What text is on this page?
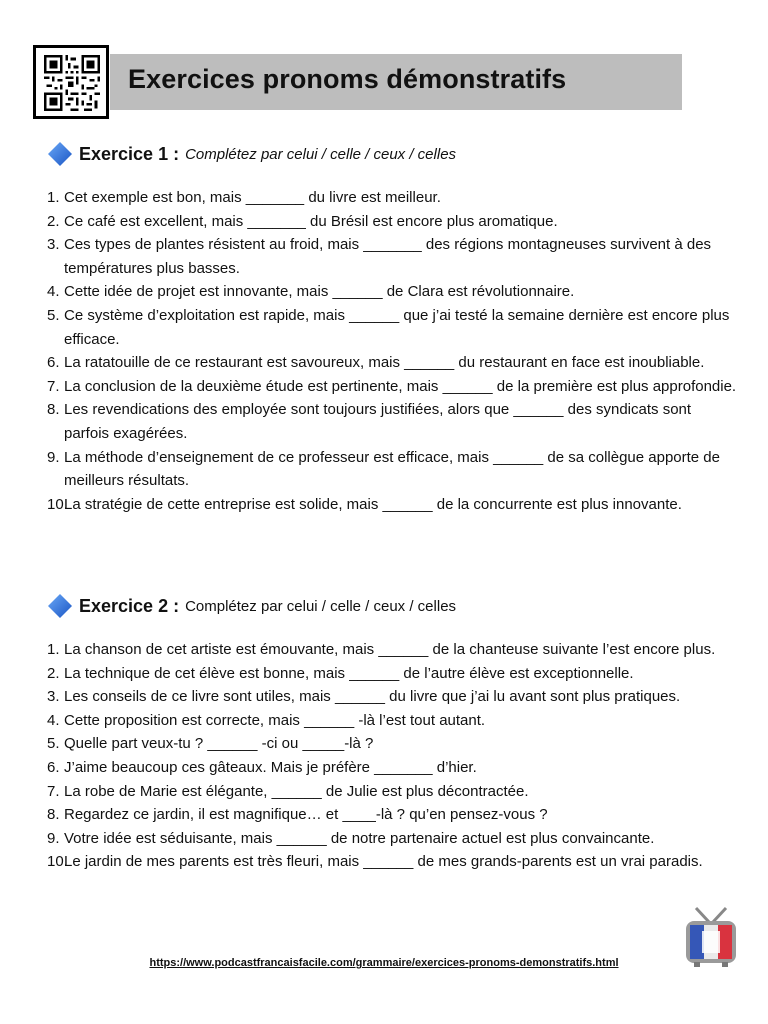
Exercices pronoms démonstratifs
Exercice 1 : Complétez par celui / celle / ceux / celles
1. Cet exemple est bon, mais _______ du livre est meilleur.
2. Ce café est excellent, mais _______ du Brésil est encore plus aromatique.
3. Ces types de plantes résistent au froid, mais _______ des régions montagneuses survivent à des températures plus basses.
4. Cette idée de projet est innovante, mais ______ de Clara est révolutionnaire.
5. Ce système d’exploitation est rapide, mais ______ que j’ai testé la semaine dernière est encore plus efficace.
6. La ratatouille de ce restaurant est savoureux, mais ______ du restaurant en face est inoubliable.
7. La conclusion de la deuxième étude est pertinente, mais ______ de la première est plus approfondie.
8. Les revendications des employée sont toujours justifiées, alors que ______ des syndicats sont parfois exagérées.
9. La méthode d’enseignement de ce professeur est efficace, mais ______ de sa collègue apporte de meilleurs résultats.
10.
La stratégie de cette entreprise est solide, mais ______ de la concurrente est plus innovante.
Exercice 2 : Complétez par celui / celle / ceux / celles
1. La chanson de cet artiste est émouvante, mais ______ de la chanteuse suivante l’est encore plus.
2. La technique de cet élève est bonne, mais ______ de l’autre élève est exceptionnelle.
3. Les conseils de ce livre sont utiles, mais ______ du livre que j’ai lu avant sont plus pratiques.
4. Cette proposition est correcte, mais ______ -là l’est tout autant.
5. Quelle part veux-tu ? ______ -ci ou _____-là ?
6. J’aime beaucoup ces gâteaux. Mais je préfère _______ d’hier.
7. La robe de Marie est élégante, ______ de Julie est plus décontractée.
8. Regardez ce jardin, il est magnifique… et ____-là ? qu’en pensez-vous ?
9. Votre idée est séduisante, mais ______ de notre partenaire actuel est plus convaincante.
10.
Le jardin de mes parents est très fleuri, mais ______ de mes grands-parents est un vrai paradis.
https://www.podcastfrancaisfacile.com/grammaire/exercices-pronoms-demonstratifs.html
